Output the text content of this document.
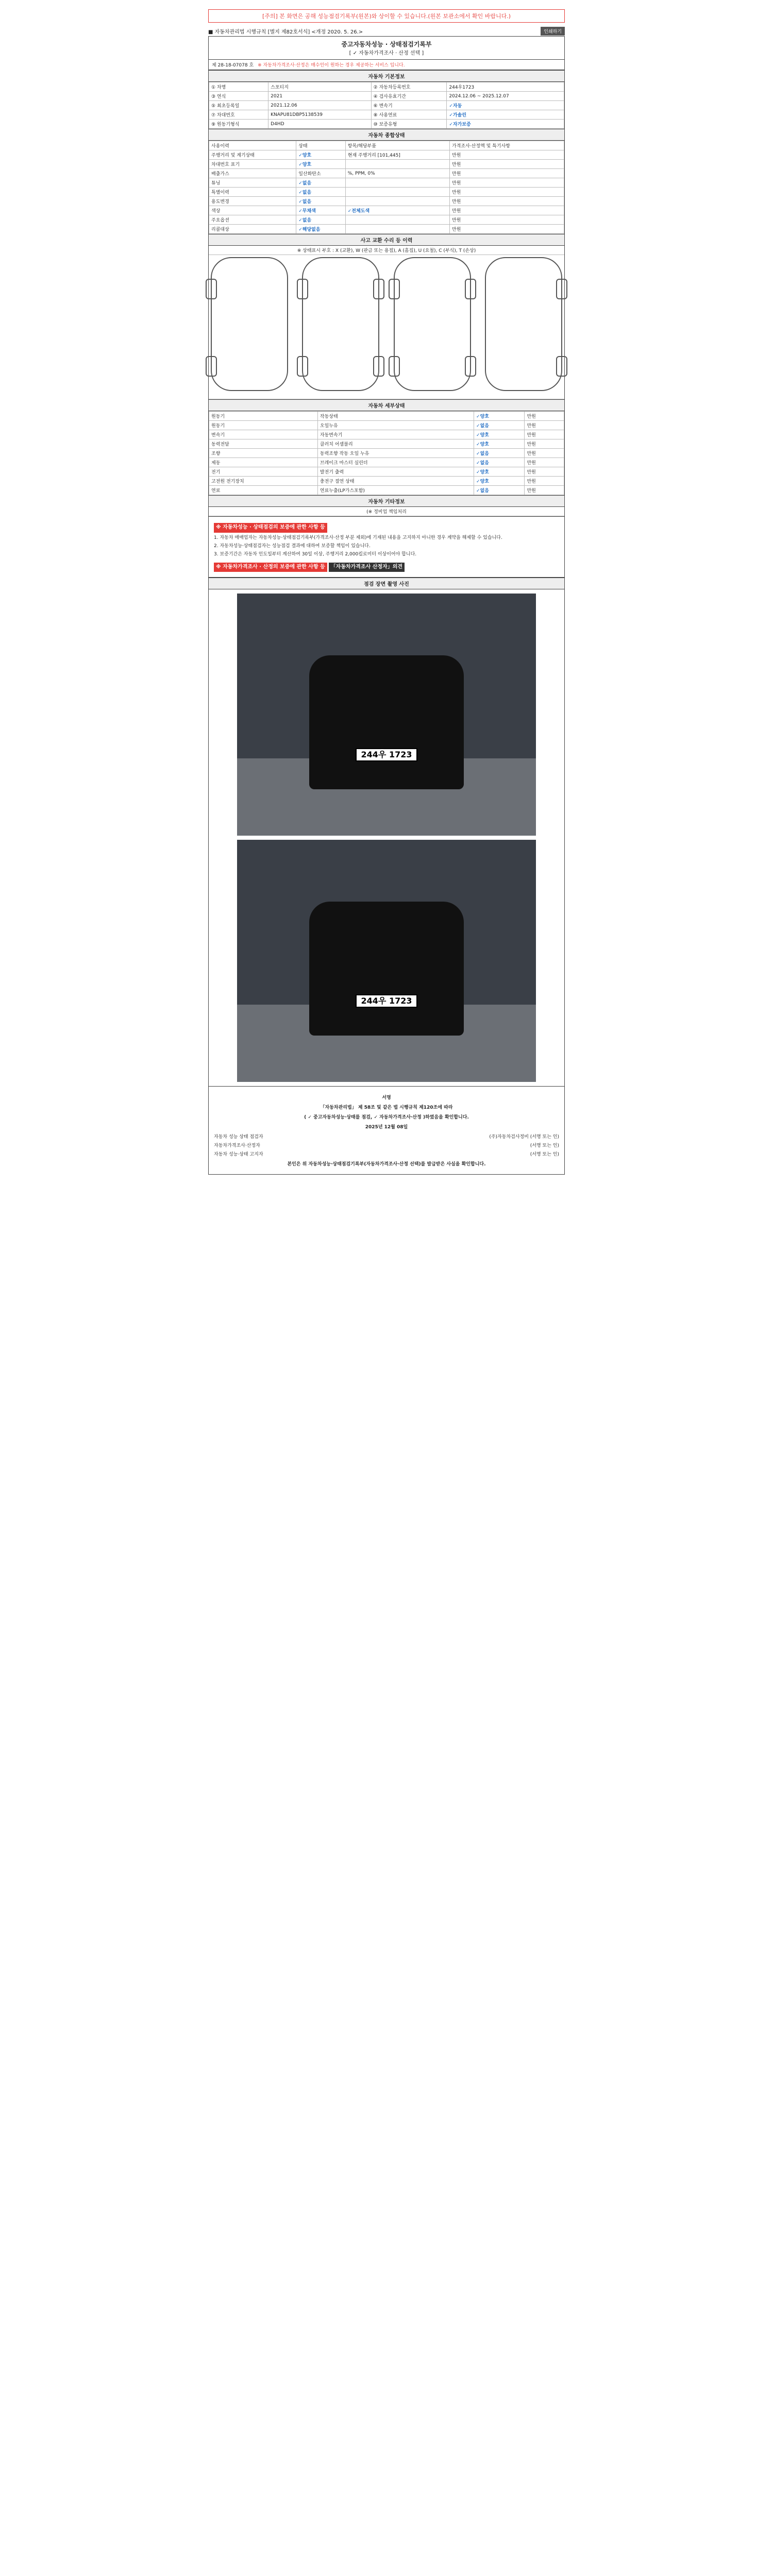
[주의] 본 화면은 공해 성능점검기록부(원본)와 상이할 수 있습니다.(원본 보관소에서 확인 바랍니다.)
■ 자동차관리법 시행규칙 [별지 제82호서식] <개정 2020. 5. 26.>	인쇄하기
중고자동차성능 · 상태점검기록부
[ ✓ 자동차가격조사 · 산정 선택 ]
제 28-18-07078 호 ※ 자동차가격조사·산정은 매수인이 원하는 경우 제공하는 서비스 입니다.
자동차 기본정보
① 차명	스포티지	② 자동차등록번호	244우1723
③ 연식	2021	④ 검사유효기간	2024.12.06 ~ 2025.12.07
⑤ 최초등록일	2021.12.06	⑥ 변속기	✓자동
⑦ 차대번호	KNAPU81DBP5138539	⑧ 사용연료	✓가솔린
⑨ 원동기형식	D4HD	⑩ 보증유형	✓자가보증
자동차 종합상태
사용이력	상태	항목/해당부품	가격조사·산정액 및 특기사항
주행거리 및 계기상태	✓양호	현재 주행거리 [101,445]	만원
차대번호 표기	✓양호		만원
배출가스	일산화탄소	%, PPM, 0%	만원
튜닝	✓없음		만원
특별이력	✓없음		만원
용도변경	✓없음		만원
색상	✓무채색	✓전체도색	만원
주요옵션	✓없음		만원
리콜대상	✓해당없음		만원
사고 교환 수리 등 이력
※ 상태표시 부호 : X (교환), W (판금 또는 용접), A (흠집), U (요철), C (부식), T (손상)
자동차 세부상태
원동기	작동상태	✓양호	만원
원동기	오일누유	✓없음	만원
변속기	자동변속기	✓양호	만원
동력전달	클러치 어셈블리	✓양호	만원
조향	동력조향 작동 오일 누유	✓없음	만원
제동	브레이크 마스터 실린더	✓없음	만원
전기	발전기 출력	✓양호	만원
고전원 전기장치	충전구 절연 상태	✓양호	만원
연료	연료누출(LP가스포함)	✓없음	만원
자동차 기타정보
(※ 정비업 책임처리
※ 자동차성능 · 상태점검의 보증에 관한 사항 등

1. 자동차 매매업자는 자동차성능·상태점검기록부(가격조사·산정 부분 제외)에 기재된 내용을 고지하지 아니한 경우 계약을 해제할 수 있습니다.

2. 자동차성능·상태점검자는 성능점검 결과에 대하여 보증할 책임이 있습니다.

3. 보증기간은 자동차 인도일부터 계산하여 30일 이상, 주행거리 2,000킬로미터 이상이어야 합니다.

※ 자동차가격조사 · 산정의 보증에 관한 사항 등 「자동차가격조사 산정자」의견
점검 장면 촬영 사진
244우 1723
244우 1723
서명
「자동차관리법」 제 58조 및 같은 법 시행규칙 제120조에 따라
( ✓ 중고자동차성능·상태를 점검, ✓ 자동차가격조사·산정 )하였음을 확인합니다.
2025년 12월 08일
자동차 성능 상태 점검자	(주)자동차검사정비 (서명 또는 인)
자동차가격조사·산정자	(서명 또는 인)
자동차 성능·상태 고지자	(서명 또는 인)
본인은 위 자동차성능·상태점검기록부(자동차가격조사·산정 선택)를 발급받은 사실을 확인합니다.
